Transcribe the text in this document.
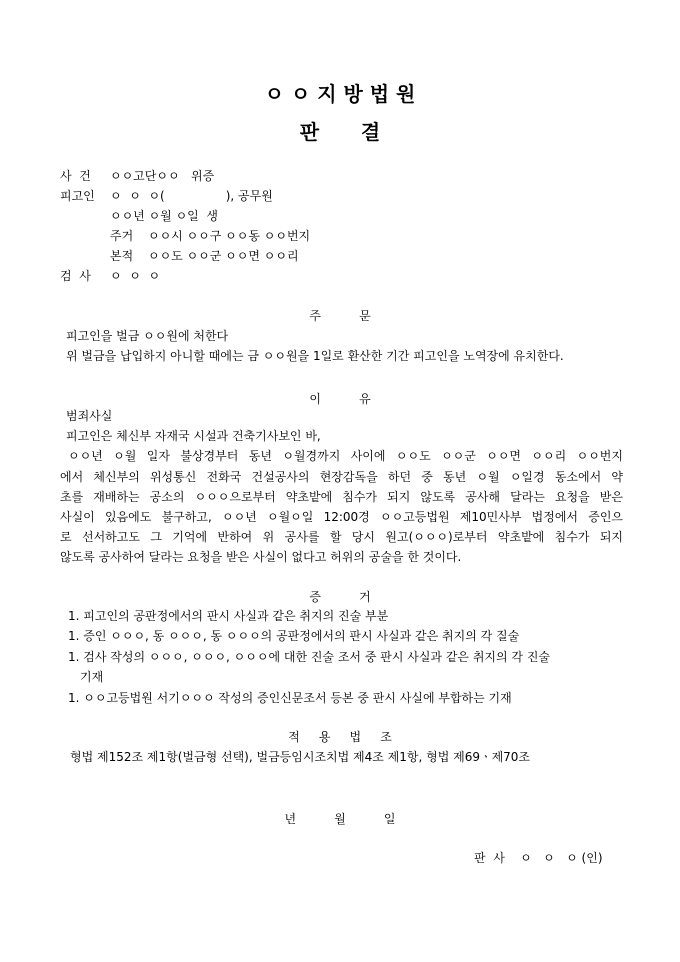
ㅇ ㅇ 지 방 법 원
판      결
사  건 ㅇㅇ고단ㅇㅇ   위증
피고인 ㅇ  ㅇ  ㅇ(                ), 공무원
ㅇㅇ년 ㅇ월 ㅇ일  생
주거 ㅇㅇ시 ㅇㅇ구 ㅇㅇ동 ㅇㅇ번지
본적 ㅇㅇ도 ㅇㅇ군 ㅇㅇ면 ㅇㅇ리
검  사 ㅇ  ㅇ  ㅇ
주          문
피고인을 벌금 ㅇㅇ원에 처한다
위 벌금을 납입하지 아니할 때에는 금 ㅇㅇ원을 1일로 환산한 기간 피고인을 노역장에 유치한다.
이          유
범죄사실
피고인은 체신부 자재국 시설과 건축기사보인 바,
ㅇㅇ년 ㅇ월 일자 불상경부터 동년 ㅇ월경까지 사이에 ㅇㅇ도 ㅇㅇ군 ㅇㅇ면 ㅇㅇ리 ㅇㅇ번지
에서 체신부의 위성통신 전화국 건설공사의 현장감독을 하던 중 동년 ㅇ월 ㅇ일경 동소에서 약
초를 재배하는 공소의 ㅇㅇㅇ으로부터 약초밭에 침수가 되지 않도록 공사해 달라는 요청을 받은
사실이 있음에도 불구하고, ㅇㅇ년 ㅇ월ㅇ일 12:00경 ㅇㅇ고등법원 제10민사부 법정에서 증인으
로 선서하고도 그 기억에 반하여 위 공사를 할 당시 원고(ㅇㅇㅇ)로부터 약초밭에 침수가 되지
않도록 공사하여 달라는 요청을 받은 사실이 없다고 허위의 공술을 한 것이다.
증          거
1. 피고인의 공판정에서의 판시 사실과 같은 취지의 진술 부분
1. 증인 ㅇㅇㅇ, 동 ㅇㅇㅇ, 동 ㅇㅇㅇ의 공판정에서의 판시 사실과 같은 취지의 각 질술
1. 검사 작성의 ㅇㅇㅇ, ㅇㅇㅇ, ㅇㅇㅇ에 대한 진술 조서 중 판시 사실과 같은 취지의 각 진술
기재
1. ㅇㅇ고등법원 서기ㅇㅇㅇ 작성의 증인신문조서 등본 중 판시 사실에 부합하는 기재
적     용     법     조
형법 제152조 제1항(벌금형 선택), 벌금등임시조치법 제4조 제1항, 형법 제69ㆍ제70조
년          월          일
판  사    ㅇ   ㅇ   ㅇ (인)
